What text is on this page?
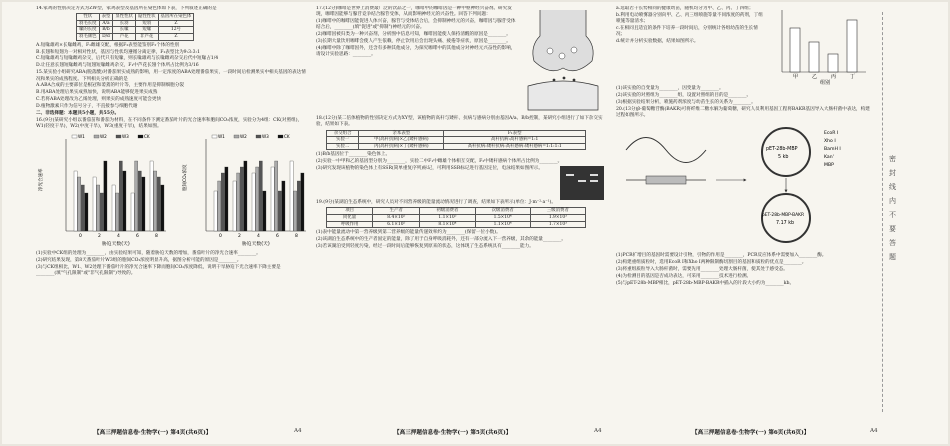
14.家鸡的性别决定方式为ZW型，家鸡表型及基因所在染色体如下表，下列叙述正确的是

性状	表型	显性性状	隐性性状	基因所在染色体
羽毛长度	A/a	长羽	短羽	Z
喙的长度	B/b	长喙	短喙	12号
羽毛颜色	D/d	芦花	非芦花	Z

A.短喙雄鸡×长喙雌鸡，F₁雌雄交配，根据F₂表型能鉴别F₂个体的性别

B.长翅和短翅为一对相对性状，基因与性状均遵循分离定律，F₂表型比为9:3:3:1

C.短喙雄鸡与短喙雌鸡杂交，后代只有短喙，则长喙雄鸡与长喙雌鸡杂交后代中短喙占1/4

D.让任意长翅短喙雌鸡与短翅短喙雌鸡杂交，F₁中芦花长翅个体所占比例为3/16

15.某实验小组研究ABA(脱落酸)对番茄果实成熟的影响，用一定浓度的ABA处理番茄果实，一段时间后检测果实中相关基因的表达情况和果实的成熟程度。下列相关分析正确的是

A.ABA合成的主要部位是根冠和萎蔫的叶片等，主要作用是抑制细胞分裂

B.用ABA处理后果实成熟加快，说明ABA能够促进果实成熟

C.若将ABA处理改为乙烯处理，则果实的成熟速度可能会更快

D.植物激素只作为信号分子，不直接参与细胞代谢

二、非选择题：本题共5小题，共55分。

16.(9分)某研究小组以番茄苗和番茄为材料，在不同条件下测定番茄叶片的光合速率和胞间CO₂浓度，实验分为4组：CK(对照组)，W1(轻度干旱)，W2(中度干旱)，W3(重度干旱)，结果如图。

净光合速率
胁迫天数(天)
0	2	4	6	8
W1	W2	W3	CK
胞间CO₂浓度
胁迫天数(天)
0	2	4	6	8
W1	W2	W3	CK

(1)实验中CK组的处理为________，由实验结果可知，随着胁迫天数的增加，番茄叶片的净光合速率________。

(2)研究结果发现，第8天番茄叶片W3组的胞间CO₂浓度明显升高，据图分析可能的原因是________。

(3)与CK组相比，W1、W2处理下番茄叶片的净光合速率下降而胞间CO₂浓度降低，说明干旱胁迫下光合速率下降主要是________(填"气孔限制"或"非气孔限制")导致的。

17.(12分)咖啡是世界上消费最广泛的饮品之一，咖啡中的咖啡因是一种中枢神经兴奋剂。研究发现，咖啡因能够与腺苷竞争结合腺苷受体，从而影响神经元的兴奋性。回答下列问题：

(1)咖啡中的咖啡因能促进人体兴奋，腺苷与受体结合后，会抑制神经元的兴奋，咖啡因与腺苷受体结合后，________(填"促进"或"抑制")神经元的兴奋。

(2)咖啡因被归类为一种兴奋剂，分析图中信息可知，咖啡因能使人保持清醒的原因是________。

(3)长期大量饮用咖啡会使人产生依赖，停止饮用后会出现头痛、疲倦等症状，原因是________。

(4)咖啡中除了咖啡因外，还含有多种其他成分，为探究咖啡中的其他成分对神经元兴奋性的影响，请设计实验思路：________。

18.(12分)某二倍体植物的性别决定方式为XY型，该植物的高秆与矮秆、抗病与感病分别由基因A/a、B/b控制，某研究小组进行了如下杂交实验，结果如下表。

杂交组合	亲本表型	F₁表型
实验一	甲(高秆抗病)×乙(矮秆感病)	高秆抗病:高秆感病=1:1
实验二	丙(高秆抗病)×丁(矮秆感病)	高秆抗病:矮秆抗病:高秆感病:矮秆感病=1:1:1:1

(1)B/b基因位于________染色体上。

(2)实验一中甲和乙的基因型分别为________，实验二中F₁中雌雄个体相互交配，F₂中矮秆感病个体所占比例为________。

(3)研究发现该植物的染色体上有SSR(简单重复序列)标记，可利用SSR标记进行基因定位，电泳结果如图所示。

19.(9分)某湖泊生态系统中，研究人员对不同营养级的能量流动情况进行了调查，结果如下表所示(单位：J·m⁻²·a⁻¹)。

项目	生产者	初级消费者	次级消费者	三级消费者
同化量	8.4×10⁵	1.1×10⁵	1.5×10⁴	1.9×10³
呼吸作用	6.1×10⁵	8.1×10⁴	1.1×10⁴	1.7×10³

(1)表中能量流动中第一营养级到第二营养级的能量传递效率约为________(保留一位小数)。

(2)该湖泊生态系统中的生产者固定的能量，除了用于自身呼吸消耗外，还有一部分流入下一营养级，其余的能量________。

(3)若该湖泊受到轻度污染，经过一段时间后能够恢复到原来的状态，这体现了生态系统具有________能力。

a.选取若干长势相同的健康幼苗，随机均分为甲、乙、丙、丁四组；

b.利用电动喷雾器分别向甲、乙、丙三组喷施等量不同浓度的药剂，丁组喷施等量清水；

c.在相同且适宜的条件下培养一段时间后，分别统计各组幼苗的生长情况；

d.统计并分析实验数据，结果如图所示。

甲	乙	丙	丁
组别

(1)该实验的自变量为________，因变量为________。

(2)该实验的对照组为________组，设置对照组的目的是________。

(3)根据实验结果分析，喷施药剂浓度与幼苗生长的关系为________。

20.(13分)β-葡萄糖苷酶(BAKR)可将纤维二糖水解为葡萄糖，研究人员利用基因工程将BAKR基因导入大肠杆菌中表达，构建过程如图所示。

pET-28b-MBP
5 kb
pET-28b-MBP-BAKR
7.17 kb
EcoR I
Xho I
BamH I
Kan'
MBP

(1)PCR扩增目的基因时需要设计引物，引物的作用是________，PCR反应体系中需要加入________酶。

(2)构建重组质粒时，选用EcoR I和Xho I两种限制酶切割目的基因和质粒的优点是________。

(3)将重组质粒导入大肠杆菌时，需要先用________处理大肠杆菌，使其处于感受态。

(4)为检测目的基因是否成功表达，可采用________技术进行检测。

(5)与pET-28b-MBP相比，pET-28b-MBP-BAKR中插入的片段大小约为________kb。

密封线内不要答题
【高三押题信息卷·生物学(一) 第4页(共6页)】	【高三押题信息卷·生物学(一) 第5页(共6页)】	【高三押题信息卷·生物学(一) 第6页(共6页)】
A4	A4	A4
